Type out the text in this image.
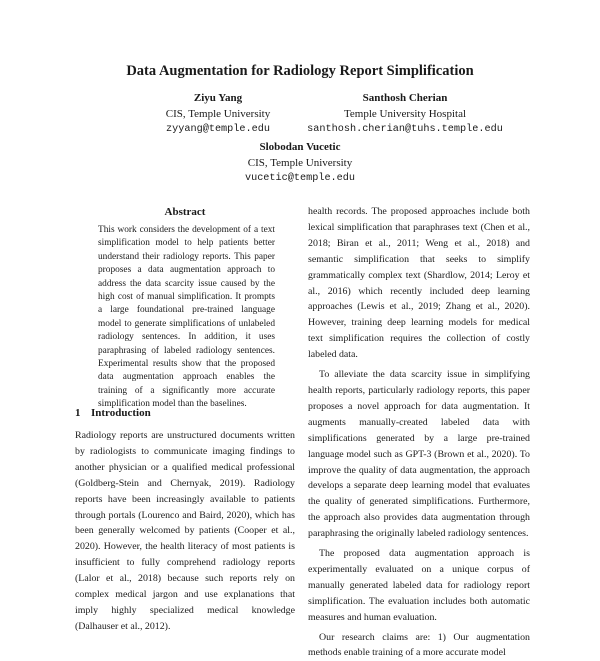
Data Augmentation for Radiology Report Simplification
Ziyu Yang
CIS, Temple University
zyyang@temple.edu
Santhosh Cherian
Temple University Hospital
santhosh.cherian@tuhs.temple.edu
Slobodan Vucetic
CIS, Temple University
vucetic@temple.edu
Abstract

This work considers the development of a text simplification model to help patients better understand their radiology reports. This paper proposes a data augmentation approach to address the data scarcity issue caused by the high cost of manual simplification. It prompts a large foundational pre-trained language model to generate simplifications of unlabeled radiology sentences. In addition, it uses paraphrasing of labeled radiology sentences. Experimental results show that the proposed data augmentation approach enables the training of a significantly more accurate simplification model than the baselines.

1 Introduction

Radiology reports are unstructured documents written by radiologists to communicate imaging findings to another physician or a qualified medical professional (Goldberg-Stein and Chernyak, 2019). Radiology reports have been increasingly available to patients through portals (Lourenco and Baird, 2020), which has been generally welcomed by patients (Cooper et al., 2020). However, the health literacy of most patients is insufficient to fully comprehend radiology reports (Lalor et al., 2018) because such reports rely on complex medical jargon and use explanations that imply highly specialized medical knowledge (Dalhauser et al., 2012).

health records. The proposed approaches include both lexical simplification that paraphrases text (Chen et al., 2018; Biran et al., 2011; Weng et al., 2018) and semantic simplification that seeks to simplify grammatically complex text (Shardlow, 2014; Leroy et al., 2016) which recently included deep learning approaches (Lewis et al., 2019; Zhang et al., 2020). However, training deep learning models for medical text simplification requires the collection of costly labeled data.

To alleviate the data scarcity issue in simplifying health reports, particularly radiology reports, this paper proposes a novel approach for data augmentation. It augments manually-created labeled data with simplifications generated by a large pre-trained language model such as GPT-3 (Brown et al., 2020). To improve the quality of data augmentation, the approach develops a separate deep learning model that evaluates the quality of generated simplifications. Furthermore, the approach also provides data augmentation through paraphrasing the originally labeled radiology sentences.

The proposed data augmentation approach is experimentally evaluated on a unique corpus of manually generated labeled data for radiology report simplification. The evaluation includes both automatic measures and human evaluation.

Our research claims are: 1) Our augmentation methods enable training of a more accurate model
